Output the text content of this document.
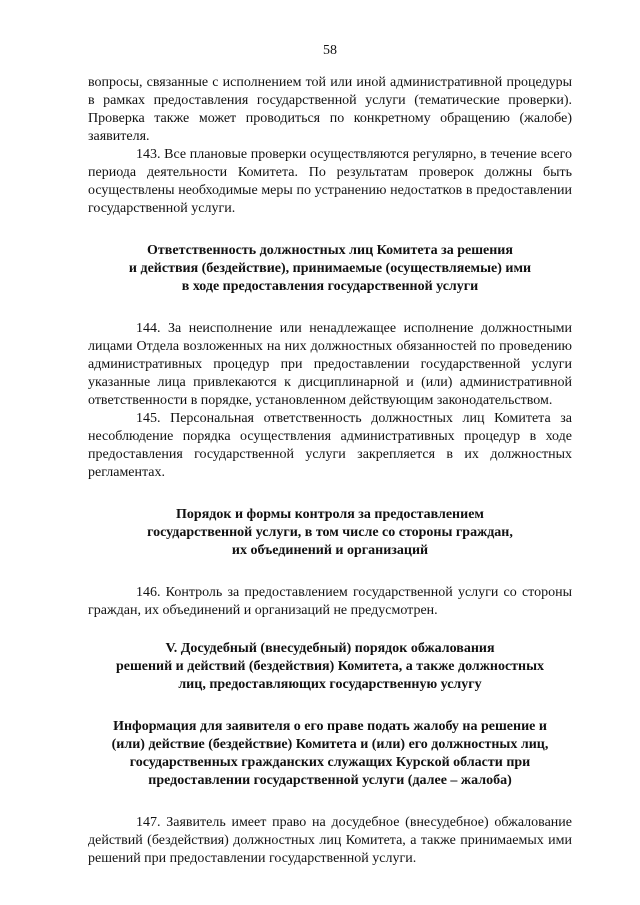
58

вопросы, связанные с исполнением той или иной административной процедуры в рамках предоставления государственной услуги (тематические проверки). Проверка также может проводиться по конкретному обращению (жалобе) заявителя.

143. Все плановые проверки осуществляются регулярно, в течение всего периода деятельности Комитета. По результатам проверок должны быть осуществлены необходимые меры по устранению недостатков в предоставлении государственной услуги.

Ответственность должностных лиц Комитета за решения
и действия (бездействие), принимаемые (осуществляемые) ими
в ходе предоставления государственной услуги

144. За неисполнение или ненадлежащее исполнение должностными лицами Отдела возложенных на них должностных обязанностей по проведению административных процедур при предоставлении государственной услуги указанные лица привлекаются к дисциплинарной и (или) административной ответственности в порядке, установленном действующим законодательством.

145. Персональная ответственность должностных лиц Комитета за несоблюдение порядка осуществления административных процедур в ходе предоставления государственной услуги закрепляется в их должностных регламентах.

Порядок и формы контроля за предоставлением
государственной услуги, в том числе со стороны граждан,
их объединений и организаций

146. Контроль за предоставлением государственной услуги со стороны граждан, их объединений и организаций не предусмотрен.

V. Досудебный (внесудебный) порядок обжалования
решений и действий (бездействия) Комитета, а также должностных
лиц, предоставляющих государственную услугу
Информация для заявителя о его праве подать жалобу на решение и
(или) действие (бездействие) Комитета и (или) его должностных лиц,
государственных гражданских служащих Курской области при
предоставлении государственной услуги (далее – жалоба)

147. Заявитель имеет право на досудебное (внесудебное) обжалование действий (бездействия) должностных лиц Комитета, а также принимаемых ими решений при предоставлении государственной услуги.
